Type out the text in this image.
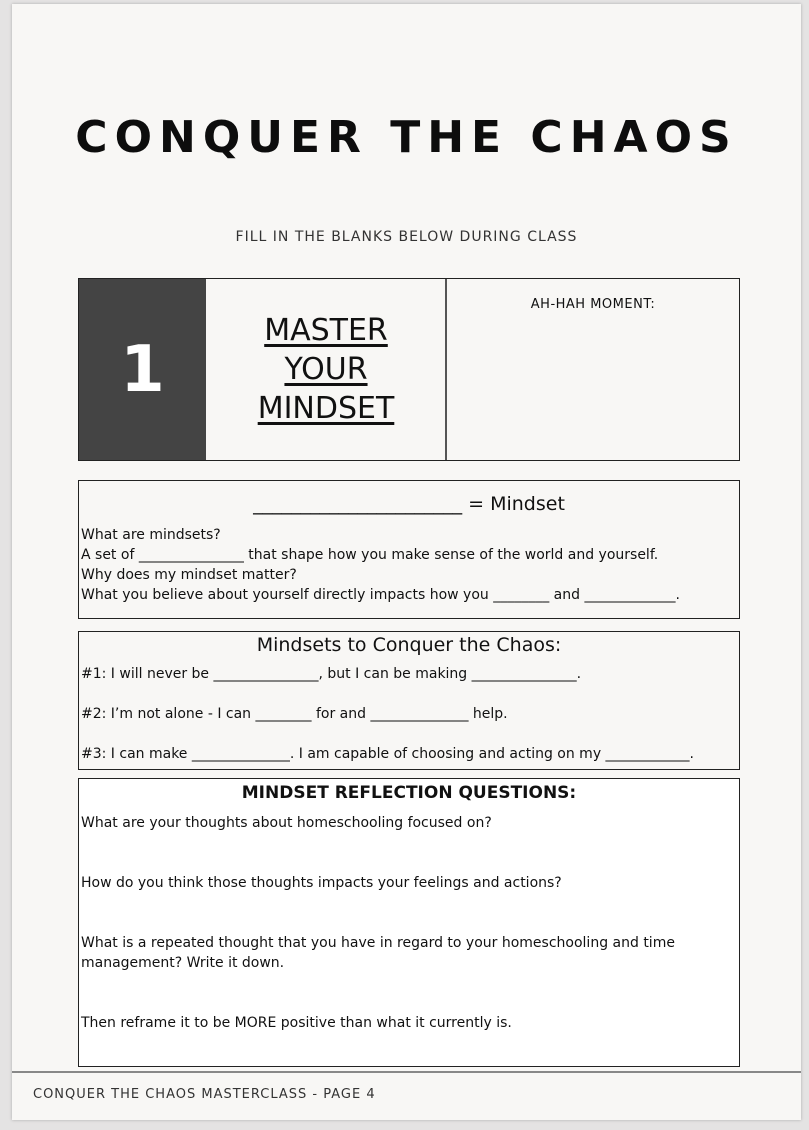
CONQUER THE CHAOS
FILL IN THE BLANKS BELOW DURING CLASS
1
MASTER
YOUR
MINDSET
AH-HAH MOMENT:
______________________ = Mindset
What are mindsets?
A set of _______________ that shape how you make sense of the world and yourself.
Why does my mindset matter?
What you believe about yourself directly impacts how you ________ and _____________.
Mindsets to Conquer the Chaos:
#1: I will never be _______________, but I can be making _______________.
#2: I’m not alone - I can ________ for and ______________ help.
#3: I can make ______________. I am capable of choosing and acting on my ____________.
MINDSET REFLECTION QUESTIONS:
What are your thoughts about homeschooling focused on?
How do you think those thoughts impacts your feelings and actions?
What is a repeated thought that you have in regard to your homeschooling and time management? Write it down.
Then reframe it to be MORE positive than what it currently is.
CONQUER THE CHAOS MASTERCLASS - PAGE 4
